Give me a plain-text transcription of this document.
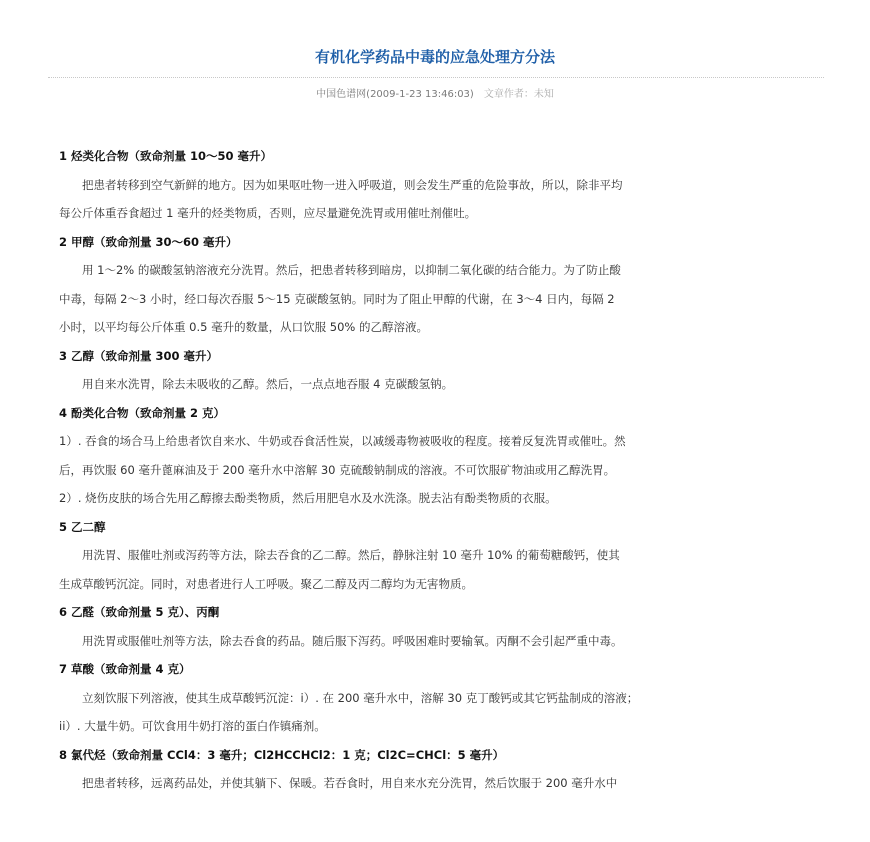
有机化学药品中毒的应急处理方分法
中国色谱网(2009-1-23 13:46:03) 文章作者：未知
1 烃类化合物（致命剂量 10～50 毫升）
把患者转移到空气新鲜的地方。因为如果呕吐物一进入呼吸道，则会发生严重的危险事故，所以，除非平均
每公斤体重吞食超过 1 毫升的烃类物质，否则，应尽量避免洗胃或用催吐剂催吐。
2 甲醇（致命剂量 30～60 毫升）
用 1～2% 的碳酸氢钠溶液充分洗胃。然后，把患者转移到暗房，以抑制二氧化碳的结合能力。为了防止酸
中毒，每隔 2～3 小时，经口每次吞服 5～15 克碳酸氢钠。同时为了阻止甲醇的代谢，在 3～4 日内，每隔 2
小时，以平均每公斤体重 0.5 毫升的数量，从口饮服 50% 的乙醇溶液。
3 乙醇（致命剂量 300 毫升）
用自来水洗胃，除去未吸收的乙醇。然后，一点点地吞服 4 克碳酸氢钠。
4 酚类化合物（致命剂量 2 克）
1）. 吞食的场合马上给患者饮自来水、牛奶或吞食活性炭，以减缓毒物被吸收的程度。接着反复洗胃或催吐。然
后，再饮服 60 毫升蓖麻油及于 200 毫升水中溶解 30 克硫酸钠制成的溶液。不可饮服矿物油或用乙醇洗胃。
2）. 烧伤皮肤的场合先用乙醇擦去酚类物质，然后用肥皂水及水洗涤。脱去沾有酚类物质的衣服。
5 乙二醇
用洗胃、服催吐剂或泻药等方法，除去吞食的乙二醇。然后，静脉注射 10 毫升 10% 的葡萄糖酸钙，使其
生成草酸钙沉淀。同时，对患者进行人工呼吸。聚乙二醇及丙二醇均为无害物质。
6 乙醛（致命剂量 5 克）、丙酮
用洗胃或服催吐剂等方法，除去吞食的药品。随后服下泻药。呼吸困难时要输氧。丙酮不会引起严重中毒。
7 草酸（致命剂量 4 克）
立刻饮服下列溶液，使其生成草酸钙沉淀：i）. 在 200 毫升水中，溶解 30 克丁酸钙或其它钙盐制成的溶液；
ii）. 大量牛奶。可饮食用牛奶打溶的蛋白作镇痛剂。
8 氯代烃（致命剂量 CCl4：3 毫升；Cl2HCCHCl2：1 克；Cl2C=CHCl：5 毫升）
把患者转移，远离药品处，并使其躺下、保暖。若吞食时，用自来水充分洗胃，然后饮服于 200 毫升水中
